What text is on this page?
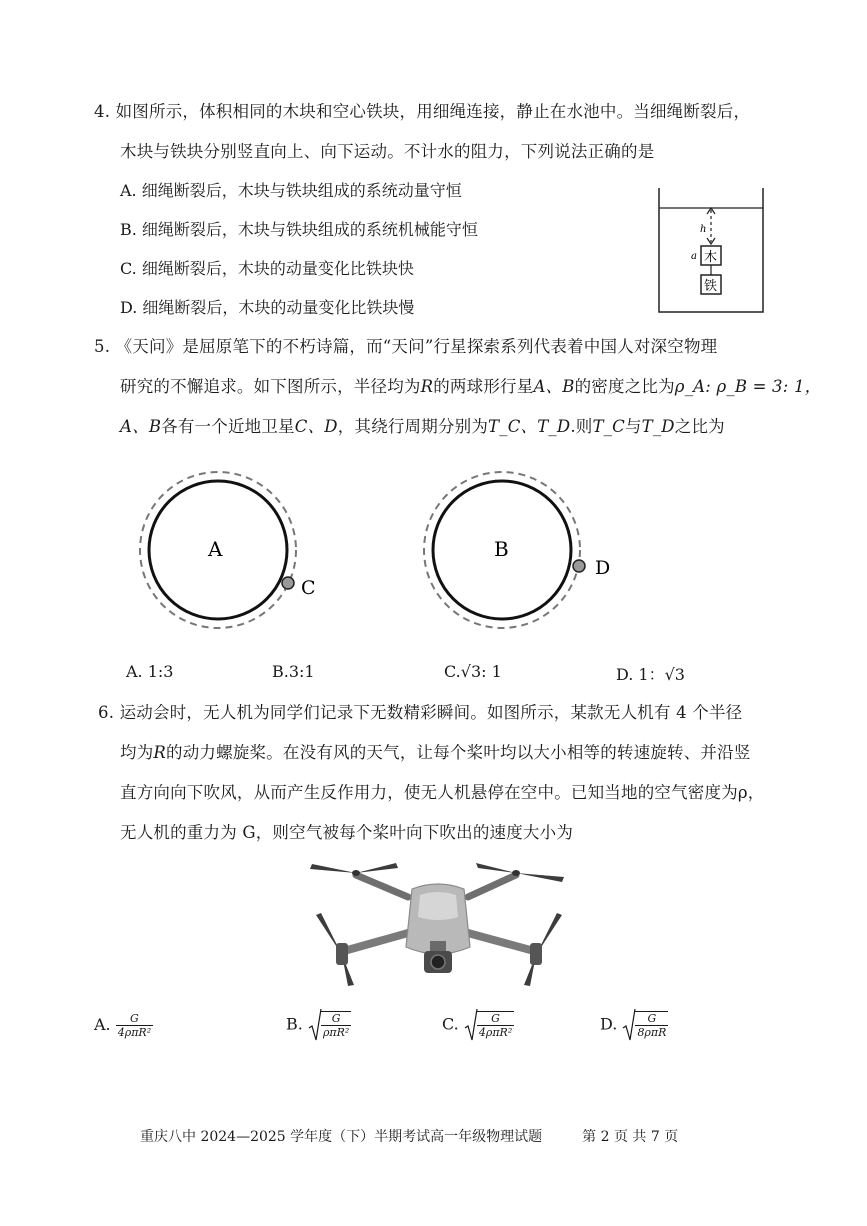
4. 如图所示，体积相同的木块和空心铁块，用细绳连接，静止在水池中。当细绳断裂后，
木块与铁块分别竖直向上、向下运动。不计水的阻力，下列说法正确的是
A. 细绳断裂后，木块与铁块组成的系统动量守恒
B. 细绳断裂后，木块与铁块组成的系统机械能守恒
C. 细绳断裂后，木块的动量变化比铁块快
D. 细绳断裂后，木块的动量变化比铁块慢
h
a 木
铁
5. 《天问》是屈原笔下的不朽诗篇，而“天问”行星探索系列代表着中国人对深空物理
研究的不懈追求。如下图所示，半径均为R的两球形行星A、B的密度之比为ρ_A: ρ_B = 3: 1，
A、B各有一个近地卫星C、D，其绕行周期分别为T_C、T_D.则T_C与T_D之比为
A
C
B
D
A. 1:3	B.3:1	C.√3: 1	D. 1：√3
6. 运动会时，无人机为同学们记录下无数精彩瞬间。如图所示，某款无人机有 4 个半径
均为R的动力螺旋桨。在没有风的天气，让每个桨叶均以大小相等的转速旋转、并沿竖
直方向向下吹风，从而产生反作用力，使无人机悬停在空中。已知当地的空气密度为ρ，
无人机的重力为 G，则空气被每个桨叶向下吹出的速度大小为
A. $\frac{G}{\text{4ρπR²}}$	B. $\frac{G}{\text{ρπR²}}$	C. $\frac{G}{\text{4ρπR²}}$	D. $\frac{G}{\text{8ρπR}}$
重庆八中 2024—2025 学年度（下）半期考试高一年级物理试题	第 2 页 共 7 页
